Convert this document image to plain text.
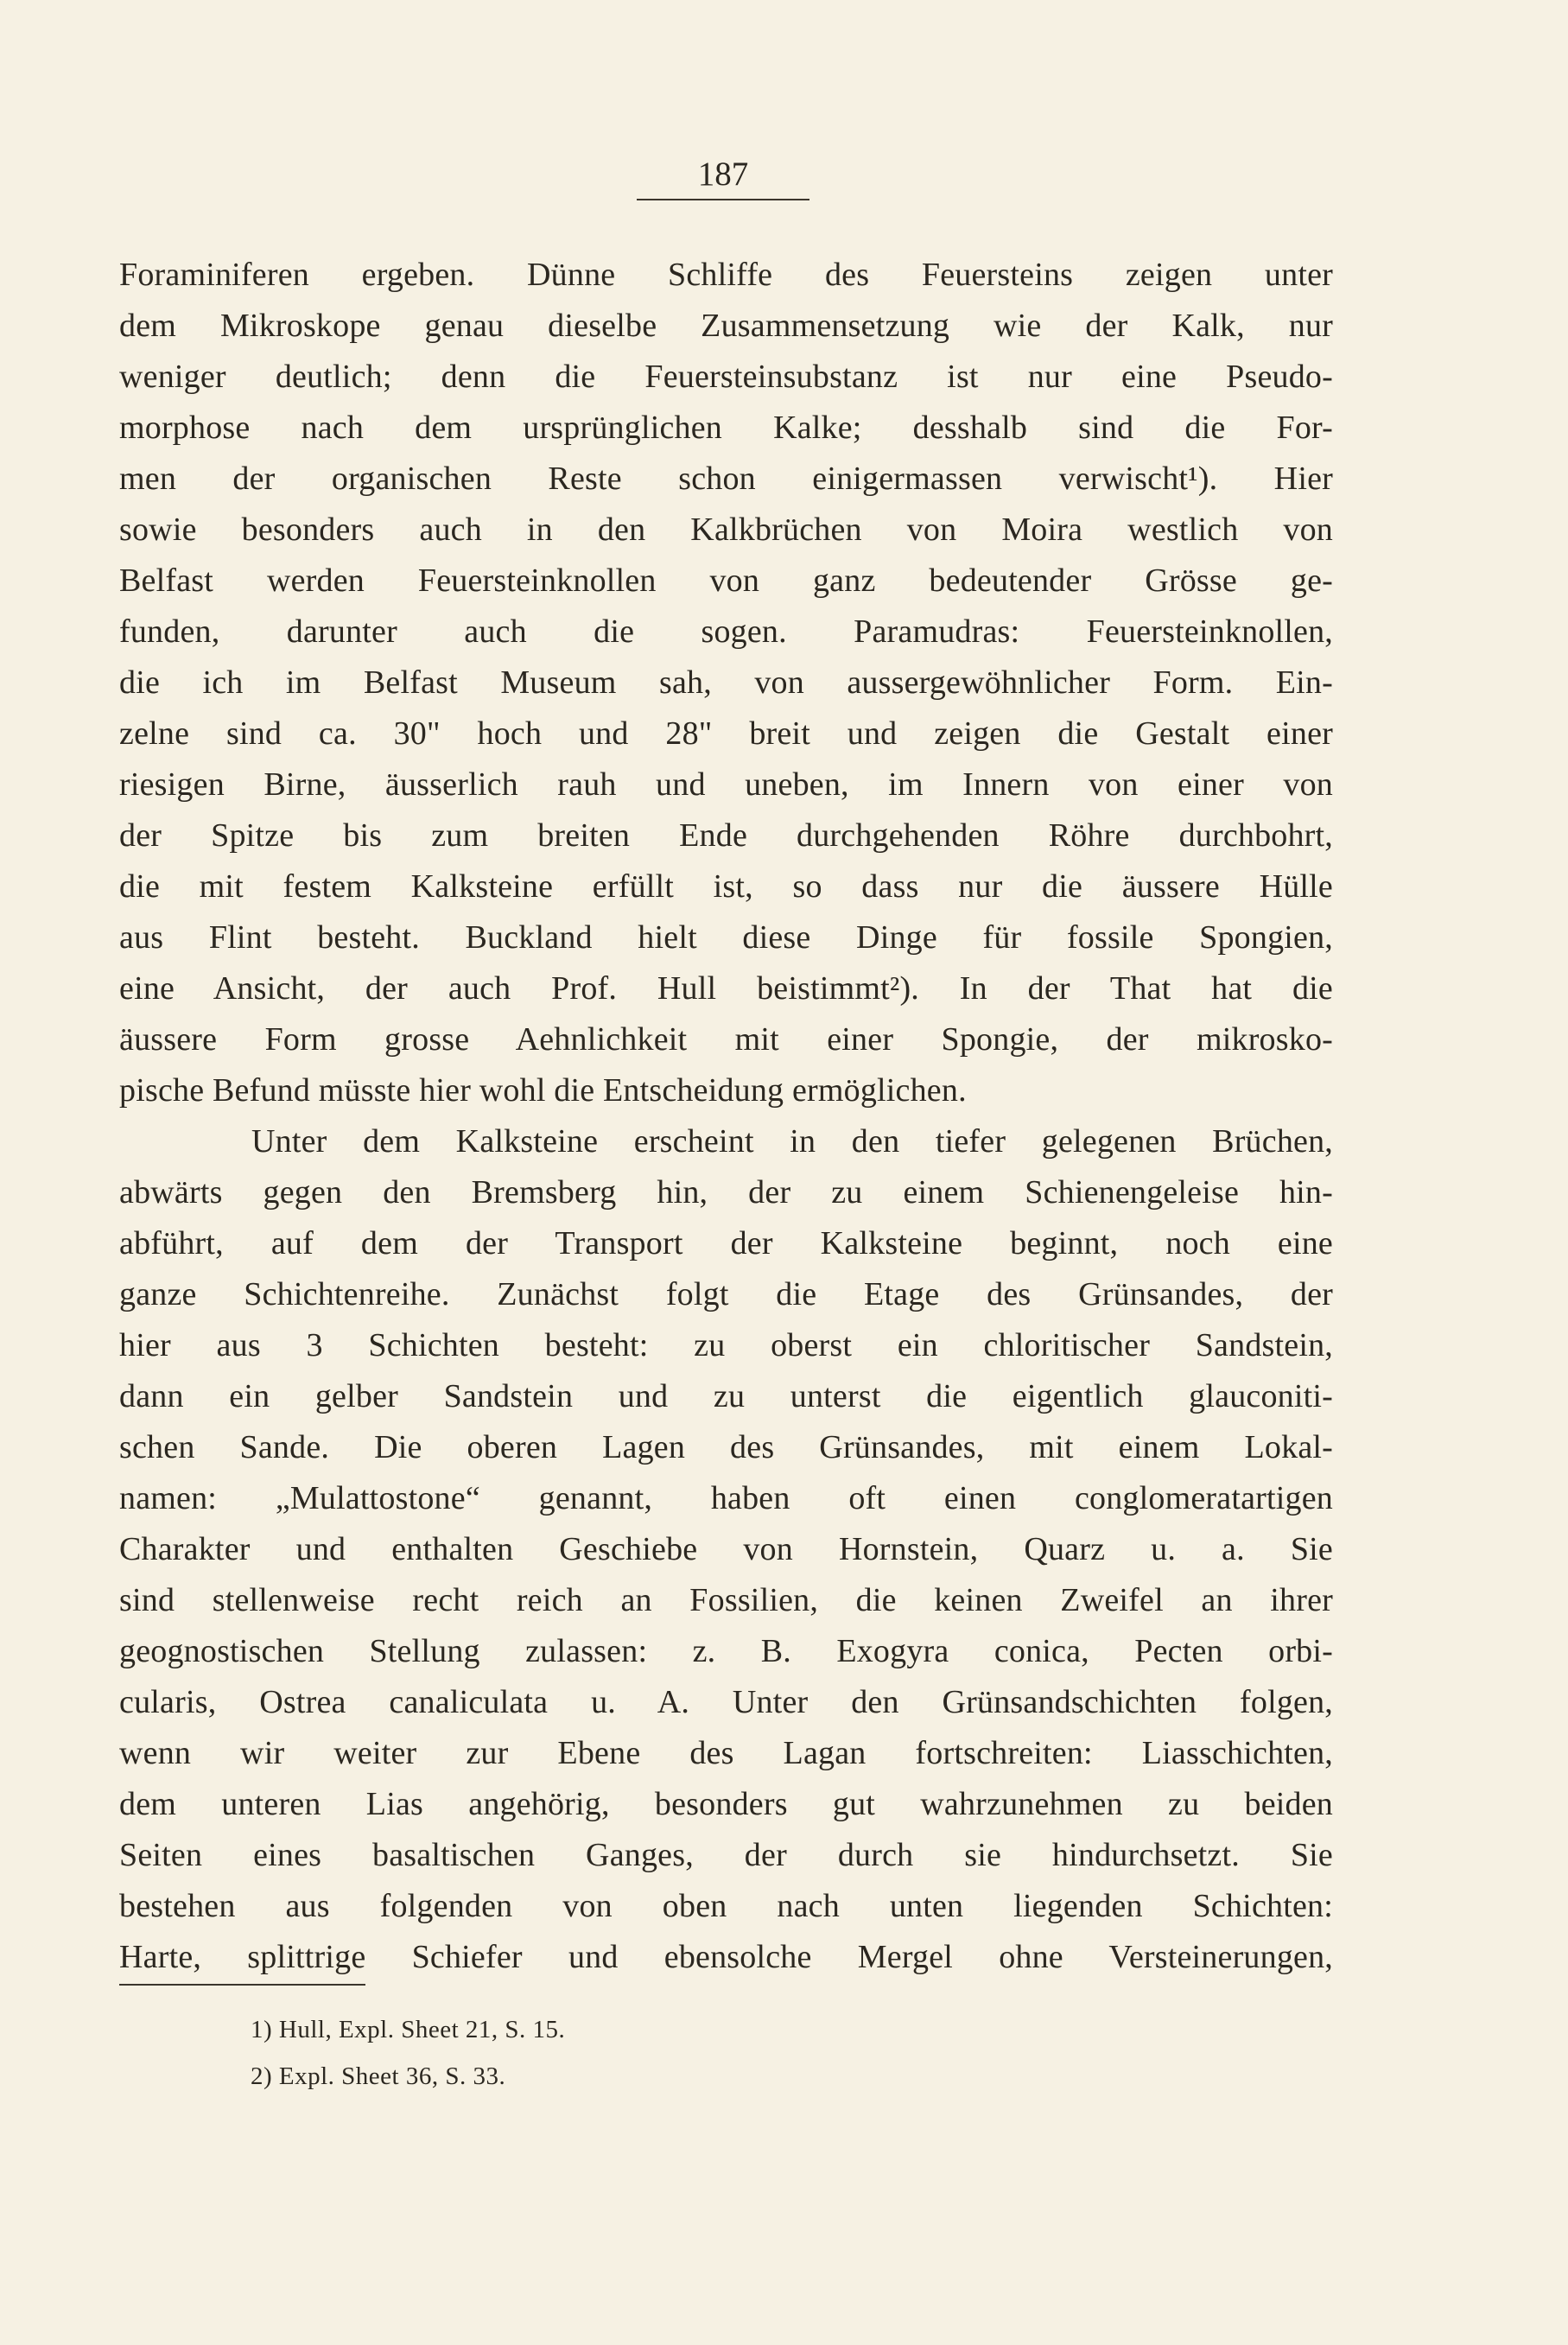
187
Foraminiferen ergeben. Dünne Schliffe des Feuersteins zeigen unter
dem Mikroskope genau dieselbe Zusammensetzung wie der Kalk, nur
weniger deutlich; denn die Feuersteinsubstanz ist nur eine Pseudo-
morphose nach dem ursprünglichen Kalke; desshalb sind die For-
men der organischen Reste schon einigermassen verwischt¹). Hier
sowie besonders auch in den Kalkbrüchen von Moira westlich von
Belfast werden Feuersteinknollen von ganz bedeutender Grösse ge-
funden, darunter auch die sogen. Paramudras: Feuersteinknollen,
die ich im Belfast Museum sah, von aussergewöhnlicher Form. Ein-
zelne sind ca. 30" hoch und 28" breit und zeigen die Gestalt einer
riesigen Birne, äusserlich rauh und uneben, im Innern von einer von
der Spitze bis zum breiten Ende durchgehenden Röhre durchbohrt,
die mit festem Kalksteine erfüllt ist, so dass nur die äussere Hülle
aus Flint besteht. Buckland hielt diese Dinge für fossile Spongien,
eine Ansicht, der auch Prof. Hull beistimmt²). In der That hat die
äussere Form grosse Aehnlichkeit mit einer Spongie, der mikrosko-
pische Befund müsste hier wohl die Entscheidung ermöglichen.
Unter dem Kalksteine erscheint in den tiefer gelegenen Brüchen,
abwärts gegen den Bremsberg hin, der zu einem Schienengeleise hin-
abführt, auf dem der Transport der Kalksteine beginnt, noch eine
ganze Schichtenreihe. Zunächst folgt die Etage des Grünsandes, der
hier aus 3 Schichten besteht: zu oberst ein chloritischer Sandstein,
dann ein gelber Sandstein und zu unterst die eigentlich glauconiti-
schen Sande. Die oberen Lagen des Grünsandes, mit einem Lokal-
namen: „Mulattostone“ genannt, haben oft einen conglomeratartigen
Charakter und enthalten Geschiebe von Hornstein, Quarz u. a. Sie
sind stellenweise recht reich an Fossilien, die keinen Zweifel an ihrer
geognostischen Stellung zulassen: z. B. Exogyra conica, Pecten orbi-
cularis, Ostrea canaliculata u. A. Unter den Grünsandschichten folgen,
wenn wir weiter zur Ebene des Lagan fortschreiten: Liasschichten,
dem unteren Lias angehörig, besonders gut wahrzunehmen zu beiden
Seiten eines basaltischen Ganges, der durch sie hindurchsetzt. Sie
bestehen aus folgenden von oben nach unten liegenden Schichten:
Harte, splittrige Schiefer und ebensolche Mergel ohne Versteinerungen,
1) Hull, Expl. Sheet 21, S. 15.
2) Expl. Sheet 36, S. 33.
